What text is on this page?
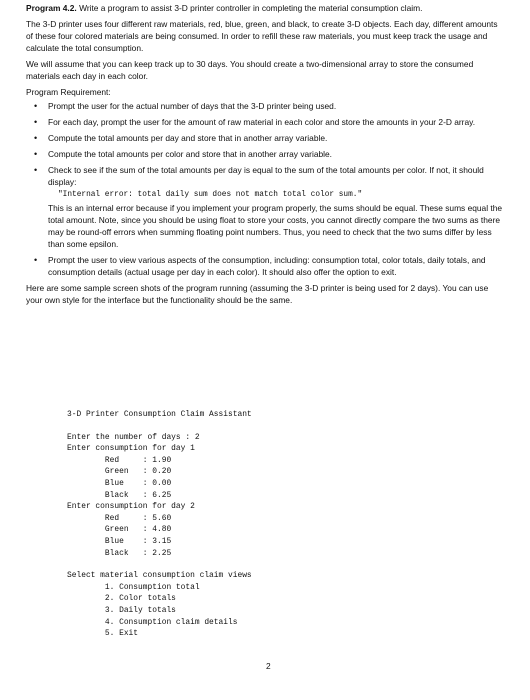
Program 4.2. Write a program to assist 3-D printer controller in completing the material consumption claim.

The 3-D printer uses four different raw materials, red, blue, green, and black, to create 3-D objects. Each day, different amounts of these four colored materials are being consumed. In order to refill these raw materials, you must keep track the usage and calculate the total consumption.

We will assume that you can keep track up to 30 days. You should create a two-dimensional array to store the consumed materials each day in each color.

Program Requirement:

• Prompt the user for the actual number of days that the 3-D printer being used.
• For each day, prompt the user for the amount of raw material in each color and store the amounts in your 2-D array.
• Compute the total amounts per day and store that in another array variable.
• Compute the total amounts per color and store that in another array variable.
• Check to see if the sum of the total amounts per day is equal to the sum of the total amounts per color. If not, it should display:
"Internal error: total daily sum does not match total color sum."
This is an internal error because if you implement your program properly, the sums should be equal. These sums equal the total amount. Note, since you should be using float to store your costs, you cannot directly compare the two sums as there may be round-off errors when summing floating point numbers. Thus, you need to check that the two sums differ by less than some epsilon.
• Prompt the user to view various aspects of the consumption, including: consumption total, color totals, daily totals, and consumption details (actual usage per day in each color). It should also offer the option to exit.

Here are some sample screen shots of the program running (assuming the 3-D printer is being used for 2 days). You can use your own style for the interface but the functionality should be the same.

3-D Printer Consumption Claim Assistant
Enter the number of days : 2
Enter consumption for day 1
Red     : 1.90
Green   : 0.20
Blue    : 0.00
Black   : 6.25
Enter consumption for day 2
Red     : 5.60
Green   : 4.80
Blue    : 3.15
Black   : 2.25
Select material consumption claim views
1. Consumption total
2. Color totals
3. Daily totals
4. Consumption claim details
5. Exit
2
